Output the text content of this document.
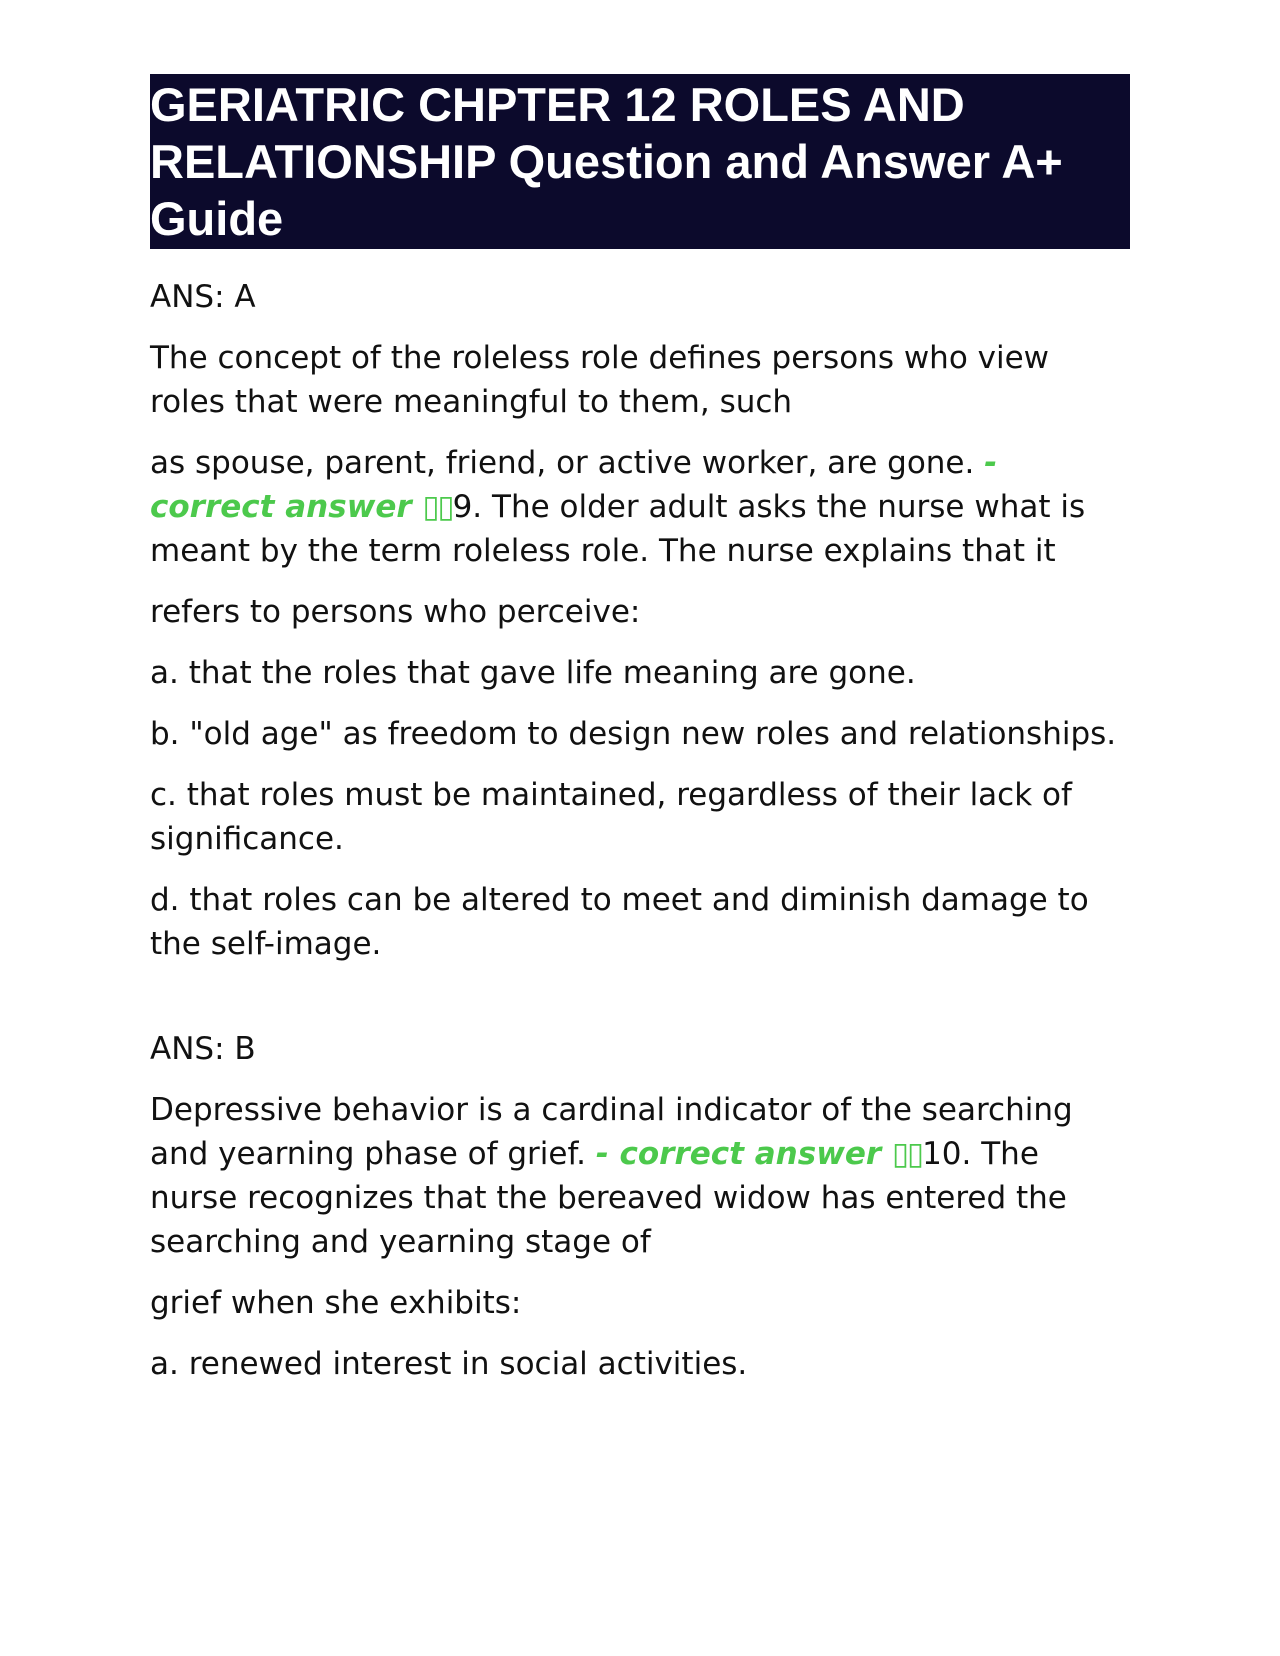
GERIATRIC CHPTER 12 ROLES AND RELATIONSHIP Question and Answer A+ Guide
ANS: A
The concept of the roleless role defines persons who view roles that were meaningful to them, such
as spouse, parent, friend, or active worker, are gone. - correct answer ▯▯9. The older adult asks the nurse what is meant by the term roleless role. The nurse explains that it
refers to persons who perceive:
a. that the roles that gave life meaning are gone.
b. "old age" as freedom to design new roles and relationships.
c. that roles must be maintained, regardless of their lack of significance.
d. that roles can be altered to meet and diminish damage to the self-image.
ANS: B
Depressive behavior is a cardinal indicator of the searching and yearning phase of grief. - correct answer ▯▯10. The nurse recognizes that the bereaved widow has entered the searching and yearning stage of
grief when she exhibits:
a. renewed interest in social activities.
